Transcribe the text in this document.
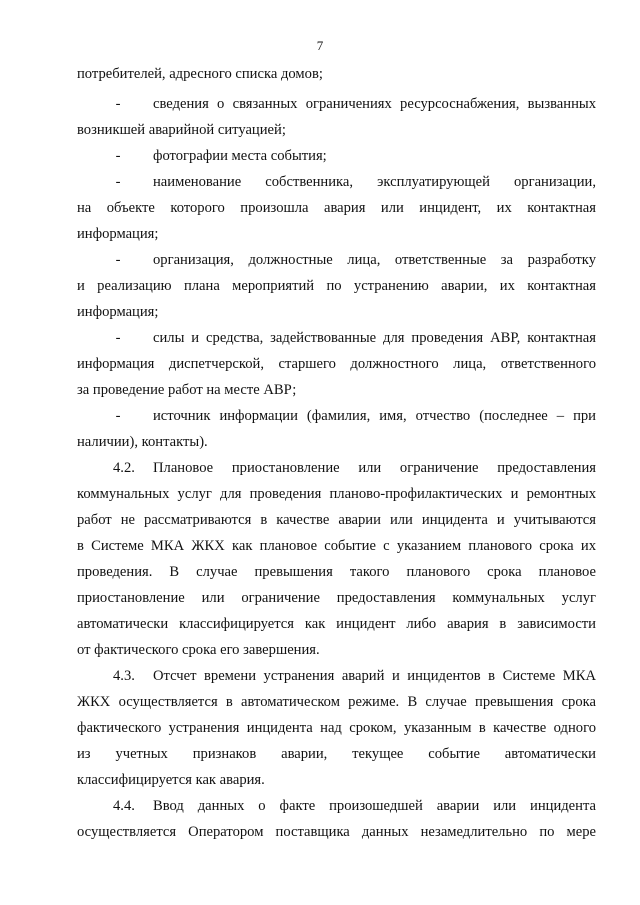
7
потребителей, адресного списка домов;
- сведения о связанных ограничениях ресурсоснабжения, вызванных
возникшей аварийной ситуацией;
- фотографии места события;
- наименование собственника, эксплуатирующей организации,
на объекте которого произошла авария или инцидент, их контактная
информация;
- организация, должностные лица, ответственные за разработку
и реализацию плана мероприятий по устранению аварии, их контактная
информация;
- силы и средства, задействованные для проведения АВР, контактная
информация диспетчерской, старшего должностного лица, ответственного
за проведение работ на месте АВР;
- источник информации (фамилия, имя, отчество (последнее – при
наличии), контакты).
4.2. Плановое приостановление или ограничение предоставления
коммунальных услуг для проведения планово-профилактических и ремонтных
работ не рассматриваются в качестве аварии или инцидента и учитываются
в Системе МКА ЖКХ как плановое событие с указанием планового срока их
проведения. В случае превышения такого планового срока плановое
приостановление или ограничение предоставления коммунальных услуг
автоматически классифицируется как инцидент либо авария в зависимости
от фактического срока его завершения.
4.3. Отсчет времени устранения аварий и инцидентов в Системе МКА
ЖКХ осуществляется в автоматическом режиме. В случае превышения срока
фактического устранения инцидента над сроком, указанным в качестве одного
из учетных признаков аварии, текущее событие автоматически
классифицируется как авария.
4.4. Ввод данных о факте произошедшей аварии или инцидента
осуществляется Оператором поставщика данных незамедлительно по мере
